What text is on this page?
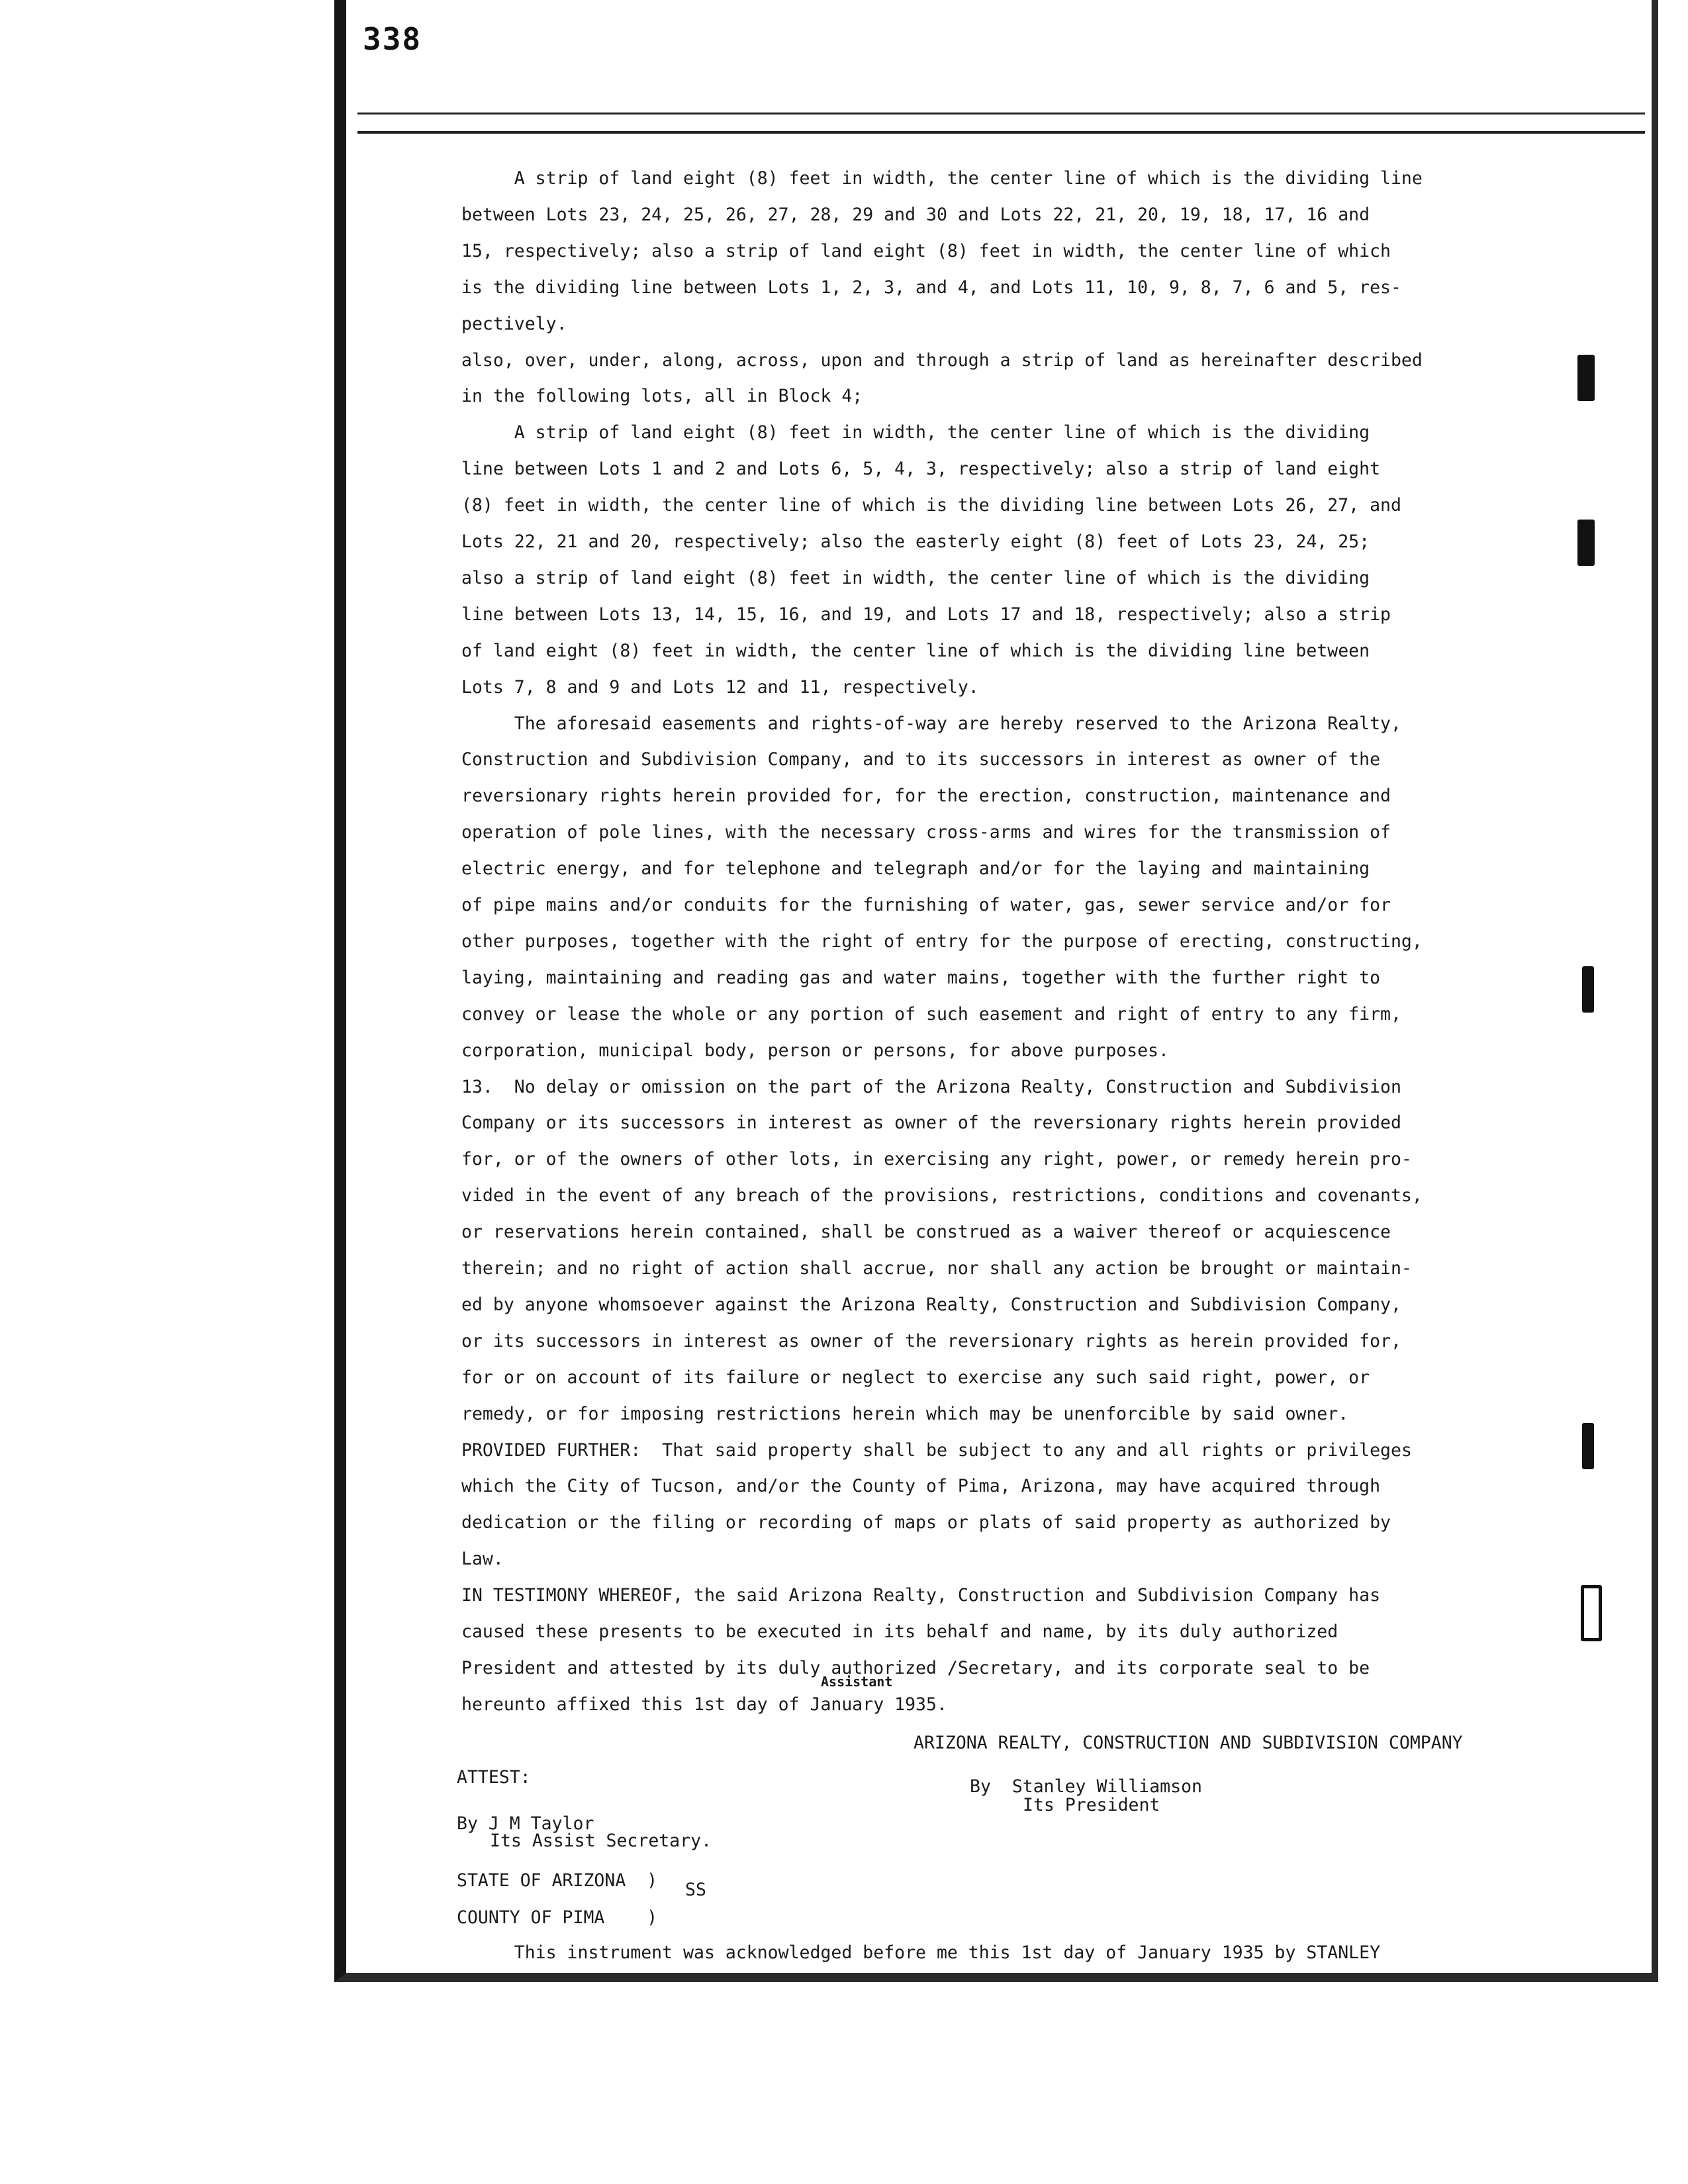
338
A strip of land eight (8) feet in width, the center line of which is the dividing line
between Lots 23, 24, 25, 26, 27, 28, 29 and 30 and Lots 22, 21, 20, 19, 18, 17, 16 and
15, respectively; also a strip of land eight (8) feet in width, the center line of which
is the dividing line between Lots 1, 2, 3, and 4, and Lots 11, 10, 9, 8, 7, 6 and 5, res-
pectively.
also, over, under, along, across, upon and through a strip of land as hereinafter described
in the following lots, all in Block 4;
A strip of land eight (8) feet in width, the center line of which is the dividing
line between Lots 1 and 2 and Lots 6, 5, 4, 3, respectively; also a strip of land eight
(8) feet in width, the center line of which is the dividing line between Lots 26, 27, and
Lots 22, 21 and 20, respectively; also the easterly eight (8) feet of Lots 23, 24, 25;
also a strip of land eight (8) feet in width, the center line of which is the dividing
line between Lots 13, 14, 15, 16, and 19, and Lots 17 and 18, respectively; also a strip
of land eight (8) feet in width, the center line of which is the dividing line between
Lots 7, 8 and 9 and Lots 12 and 11, respectively.
The aforesaid easements and rights-of-way are hereby reserved to the Arizona Realty,
Construction and Subdivision Company, and to its successors in interest as owner of the
reversionary rights herein provided for, for the erection, construction, maintenance and
operation of pole lines, with the necessary cross-arms and wires for the transmission of
electric energy, and for telephone and telegraph and/or for the laying and maintaining
of pipe mains and/or conduits for the furnishing of water, gas, sewer service and/or for
other purposes, together with the right of entry for the purpose of erecting, constructing,
laying, maintaining and reading gas and water mains, together with the further right to
convey or lease the whole or any portion of such easement and right of entry to any firm,
corporation, municipal body, person or persons, for above purposes.
13.  No delay or omission on the part of the Arizona Realty, Construction and Subdivision
Company or its successors in interest as owner of the reversionary rights herein provided
for, or of the owners of other lots, in exercising any right, power, or remedy herein pro-
vided in the event of any breach of the provisions, restrictions, conditions and covenants,
or reservations herein contained, shall be construed as a waiver thereof or acquiescence
therein; and no right of action shall accrue, nor shall any action be brought or maintain-
ed by anyone whomsoever against the Arizona Realty, Construction and Subdivision Company,
or its successors in interest as owner of the reversionary rights as herein provided for,
for or on account of its failure or neglect to exercise any such said right, power, or
remedy, or for imposing restrictions herein which may be unenforcible by said owner.
PROVIDED FURTHER:  That said property shall be subject to any and all rights or privileges
which the City of Tucson, and/or the County of Pima, Arizona, may have acquired through
dedication or the filing or recording of maps or plats of said property as authorized by
Law.
IN TESTIMONY WHEREOF, the said Arizona Realty, Construction and Subdivision Company has
caused these presents to be executed in its behalf and name, by its duly authorized
President and attested by its duly authorized /Secretary, and its corporate seal to be
hereunto affixed this 1st day of January 1935.
Assistant
ARIZONA REALTY, CONSTRUCTION AND SUBDIVISION COMPANY
ATTEST:	By  Stanley Williamson
Its President
By J M Taylor
Its Assist Secretary.
STATE OF ARIZONA  ) SS
COUNTY OF PIMA    )
This instrument was acknowledged before me this 1st day of January 1935 by STANLEY
